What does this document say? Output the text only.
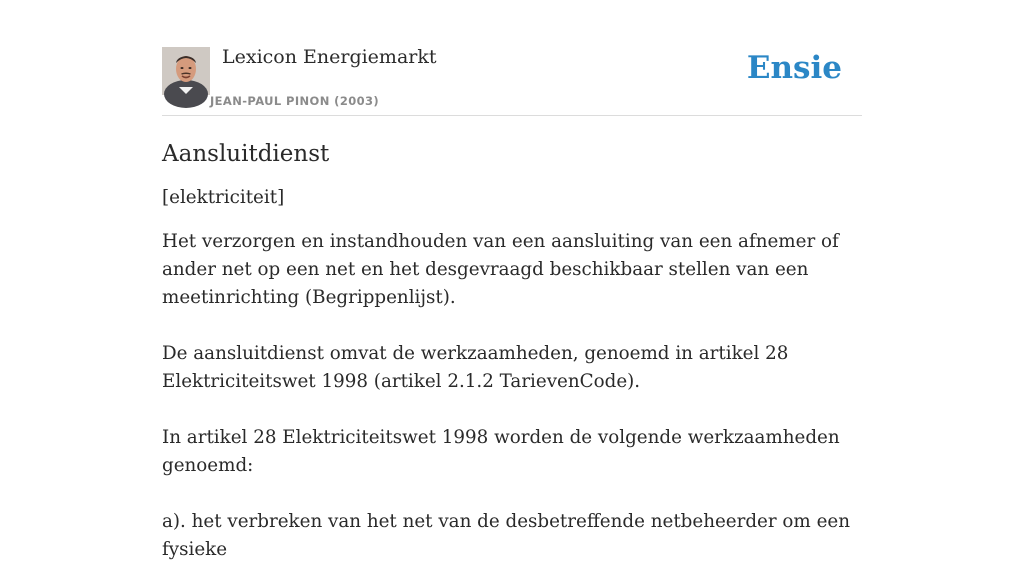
Lexicon Energiemarkt
JEAN-PAUL PINON (2003)
Ensie
Aansluitdienst

[elektriciteit]

Het verzorgen en instandhouden van een aansluiting van een afnemer of ander net op een net en het desgevraagd beschikbaar stellen van een meetinrichting (Begrippenlijst).

De aansluitdienst omvat de werkzaamheden, genoemd in artikel 28 Elektriciteitswet 1998 (artikel 2.1.2 TarievenCode).

In artikel 28 Elektriciteitswet 1998 worden de volgende werkzaamheden genoemd:

a). het verbreken van het net van de desbetreffende netbeheerder om een fysieke
